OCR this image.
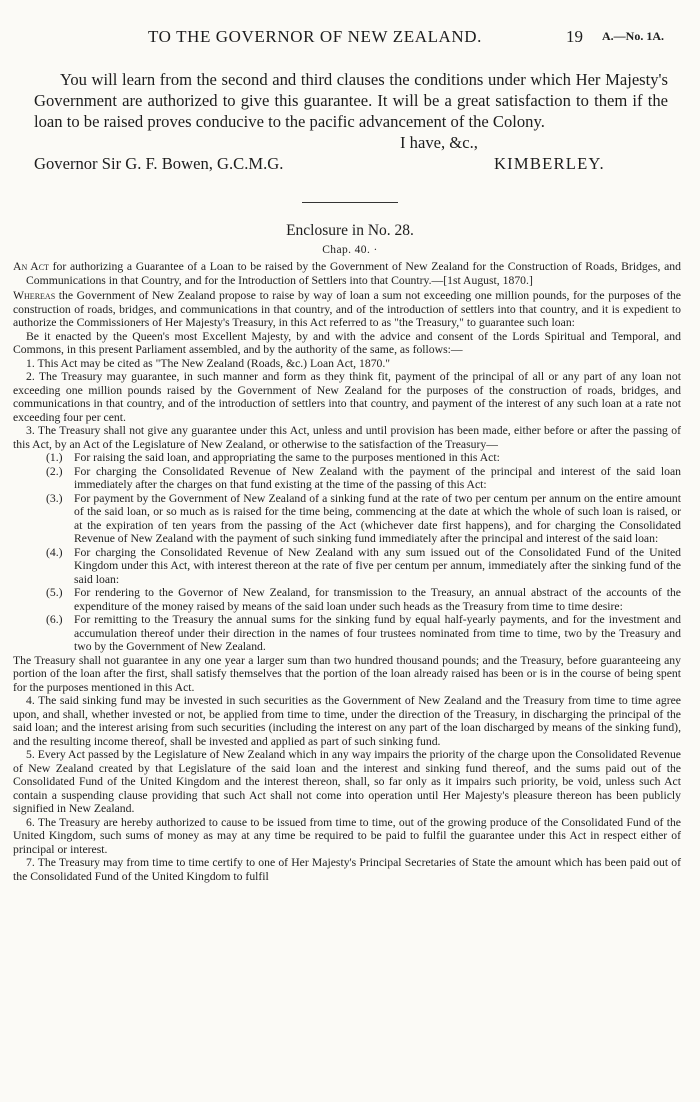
TO THE GOVERNOR OF NEW ZEALAND.	19 A.—No. 1A.

You will learn from the second and third clauses the conditions under which Her Majesty's Government are authorized to give this guarantee. It will be a great satisfaction to them if the loan to be raised proves conducive to the pacific advancement of the Colony.

I have, &c.,
Governor Sir G. F. Bowen, G.C.M.G.	KIMBERLEY.
Enclosure in No. 28.
Chap. 40. ·

An Act for authorizing a Guarantee of a Loan to be raised by the Government of New Zealand for the Construction of Roads, Bridges, and Communications in that Country, and for the Introduction of Settlers into that Country.—[1st August, 1870.]

Whereas the Government of New Zealand propose to raise by way of loan a sum not exceeding one million pounds, for the purposes of the construction of roads, bridges, and communications in that country, and of the introduction of settlers into that country, and it is expedient to authorize the Commissioners of Her Majesty's Treasury, in this Act referred to as "the Treasury," to guarantee such loan:

Be it enacted by the Queen's most Excellent Majesty, by and with the advice and consent of the Lords Spiritual and Temporal, and Commons, in this present Parliament assembled, and by the authority of the same, as follows:—

1. This Act may be cited as "The New Zealand (Roads, &c.) Loan Act, 1870."

2. The Treasury may guarantee, in such manner and form as they think fit, payment of the principal of all or any part of any loan not exceeding one million pounds raised by the Government of New Zealand for the purposes of the construction of roads, bridges, and communications in that country, and of the introduction of settlers into that country, and payment of the interest of any such loan at a rate not exceeding four per cent.

3. The Treasury shall not give any guarantee under this Act, unless and until provision has been made, either before or after the passing of this Act, by an Act of the Legislature of New Zealand, or otherwise to the satisfaction of the Treasury—

(1.) For raising the said loan, and appropriating the same to the purposes mentioned in this Act:
(2.) For charging the Consolidated Revenue of New Zealand with the payment of the principal and interest of the said loan immediately after the charges on that fund existing at the time of the passing of this Act:
(3.) For payment by the Government of New Zealand of a sinking fund at the rate of two per centum per annum on the entire amount of the said loan, or so much as is raised for the time being, commencing at the date at which the whole of such loan is raised, or at the expiration of ten years from the passing of the Act (whichever date first happens), and for charging the Consolidated Revenue of New Zealand with the payment of such sinking fund immediately after the principal and interest of the said loan:
(4.) For charging the Consolidated Revenue of New Zealand with any sum issued out of the Consolidated Fund of the United Kingdom under this Act, with interest thereon at the rate of five per centum per annum, immediately after the sinking fund of the said loan:
(5.) For rendering to the Governor of New Zealand, for transmission to the Treasury, an annual abstract of the accounts of the expenditure of the money raised by means of the said loan under such heads as the Treasury from time to time desire:
(6.) For remitting to the Treasury the annual sums for the sinking fund by equal half-yearly payments, and for the investment and accumulation thereof under their direction in the names of four trustees nominated from time to time, two by the Treasury and two by the Government of New Zealand.

The Treasury shall not guarantee in any one year a larger sum than two hundred thousand pounds; and the Treasury, before guaranteeing any portion of the loan after the first, shall satisfy themselves that the portion of the loan already raised has been or is in the course of being spent for the purposes mentioned in this Act.

4. The said sinking fund may be invested in such securities as the Government of New Zealand and the Treasury from time to time agree upon, and shall, whether invested or not, be applied from time to time, under the direction of the Treasury, in discharging the principal of the said loan; and the interest arising from such securities (including the interest on any part of the loan discharged by means of the sinking fund), and the resulting income thereof, shall be invested and applied as part of such sinking fund.

5. Every Act passed by the Legislature of New Zealand which in any way impairs the priority of the charge upon the Consolidated Revenue of New Zealand created by that Legislature of the said loan and the interest and sinking fund thereof, and the sums paid out of the Consolidated Fund of the United Kingdom and the interest thereon, shall, so far only as it impairs such priority, be void, unless such Act contain a suspending clause providing that such Act shall not come into operation until Her Majesty's pleasure thereon has been publicly signified in New Zealand.

6. The Treasury are hereby authorized to cause to be issued from time to time, out of the growing produce of the Consolidated Fund of the United Kingdom, such sums of money as may at any time be required to be paid to fulfil the guarantee under this Act in respect either of principal or interest.

7. The Treasury may from time to time certify to one of Her Majesty's Principal Secretaries of State the amount which has been paid out of the Consolidated Fund of the United Kingdom to fulfil
